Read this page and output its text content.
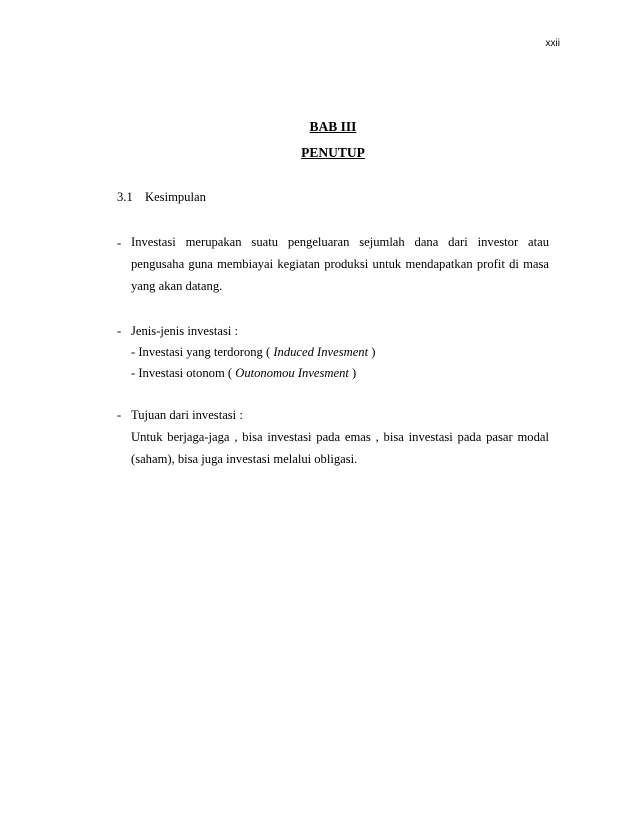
xxii
BAB III
PENUTUP
3.1 Kesimpulan
- Investasi merupakan suatu pengeluaran sejumlah dana dari investor atau
pengusaha guna membiayai kegiatan produksi untuk mendapatkan profit di masa
yang akan datang.
- Jenis-jenis investasi :
- Investasi yang terdorong ( Induced Invesment )
- Investasi otonom ( Outonomou Invesment )
- Tujuan dari investasi :
Untuk berjaga-jaga , bisa investasi pada emas , bisa investasi pada pasar modal
(saham), bisa juga investasi melalui obligasi.
